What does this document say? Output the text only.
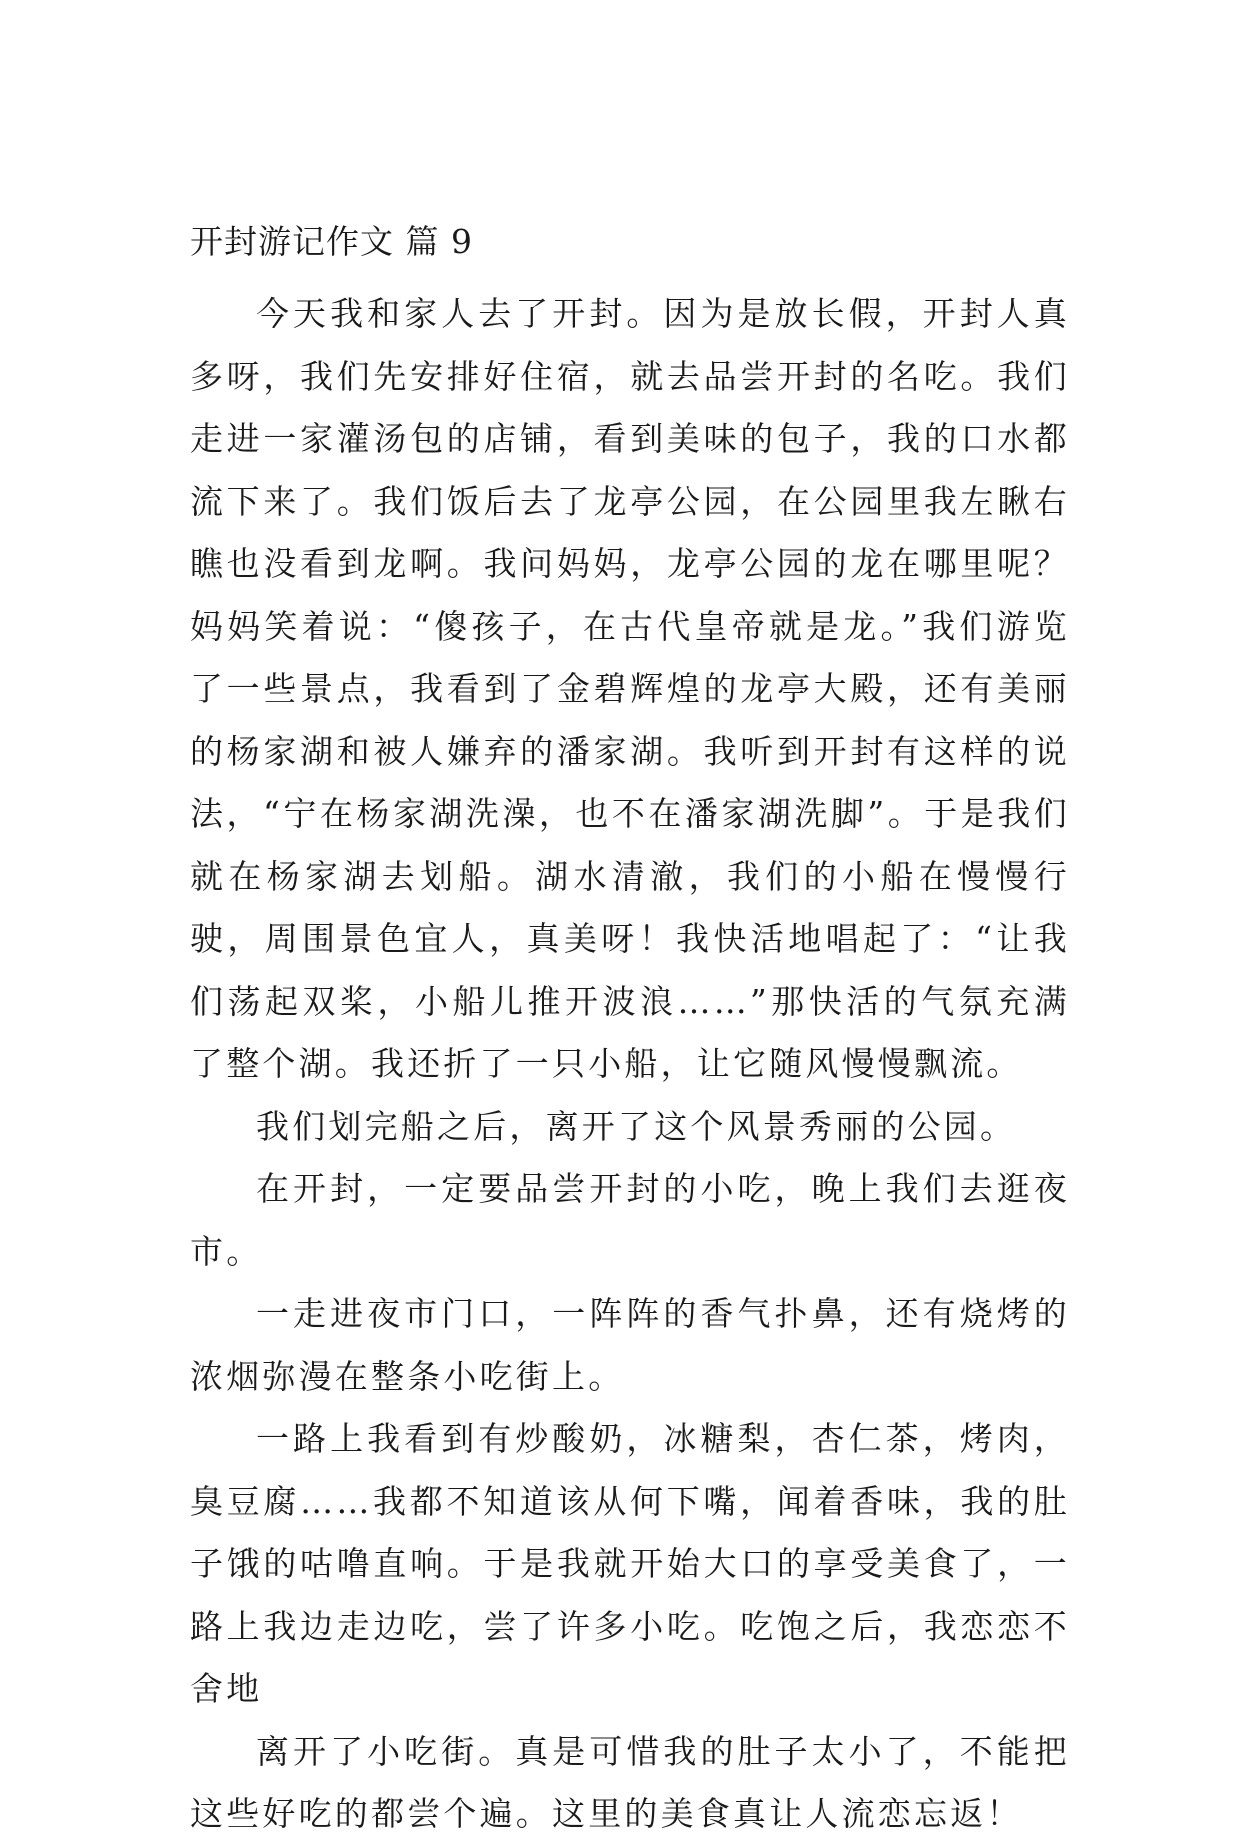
开封游记作文 篇 9

今天我和家人去了开封。因为是放长假，开封人真多呀，我们先安排好住宿，就去品尝开封的名吃。我们走进一家灌汤包的店铺，看到美味的包子，我的口水都流下来了。我们饭后去了龙亭公园，在公园里我左瞅右瞧也没看到龙啊。我问妈妈，龙亭公园的龙在哪里呢？妈妈笑着说：“傻孩子，在古代皇帝就是龙。”我们游览了一些景点，我看到了金碧辉煌的龙亭大殿，还有美丽的杨家湖和被人嫌弃的潘家湖。我听到开封有这样的说法，“宁在杨家湖洗澡，也不在潘家湖洗脚”。于是我们就在杨家湖去划船。湖水清澈，我们的小船在慢慢行驶，周围景色宜人，真美呀！我快活地唱起了：“让我们荡起双桨，小船儿推开波浪……”那快活的气氛充满了整个湖。我还折了一只小船，让它随风慢慢飘流。

我们划完船之后，离开了这个风景秀丽的公园。

在开封，一定要品尝开封的小吃，晚上我们去逛夜市。

一走进夜市门口，一阵阵的香气扑鼻，还有烧烤的浓烟弥漫在整条小吃街上。

一路上我看到有炒酸奶，冰糖梨，杏仁茶，烤肉，臭豆腐……我都不知道该从何下嘴，闻着香味，我的肚子饿的咕噜直响。于是我就开始大口的享受美食了，一路上我边走边吃，尝了许多小吃。吃饱之后，我恋恋不舍地

离开了小吃街。真是可惜我的肚子太小了，不能把这些好吃的都尝个遍。这里的美食真让人流恋忘返！
